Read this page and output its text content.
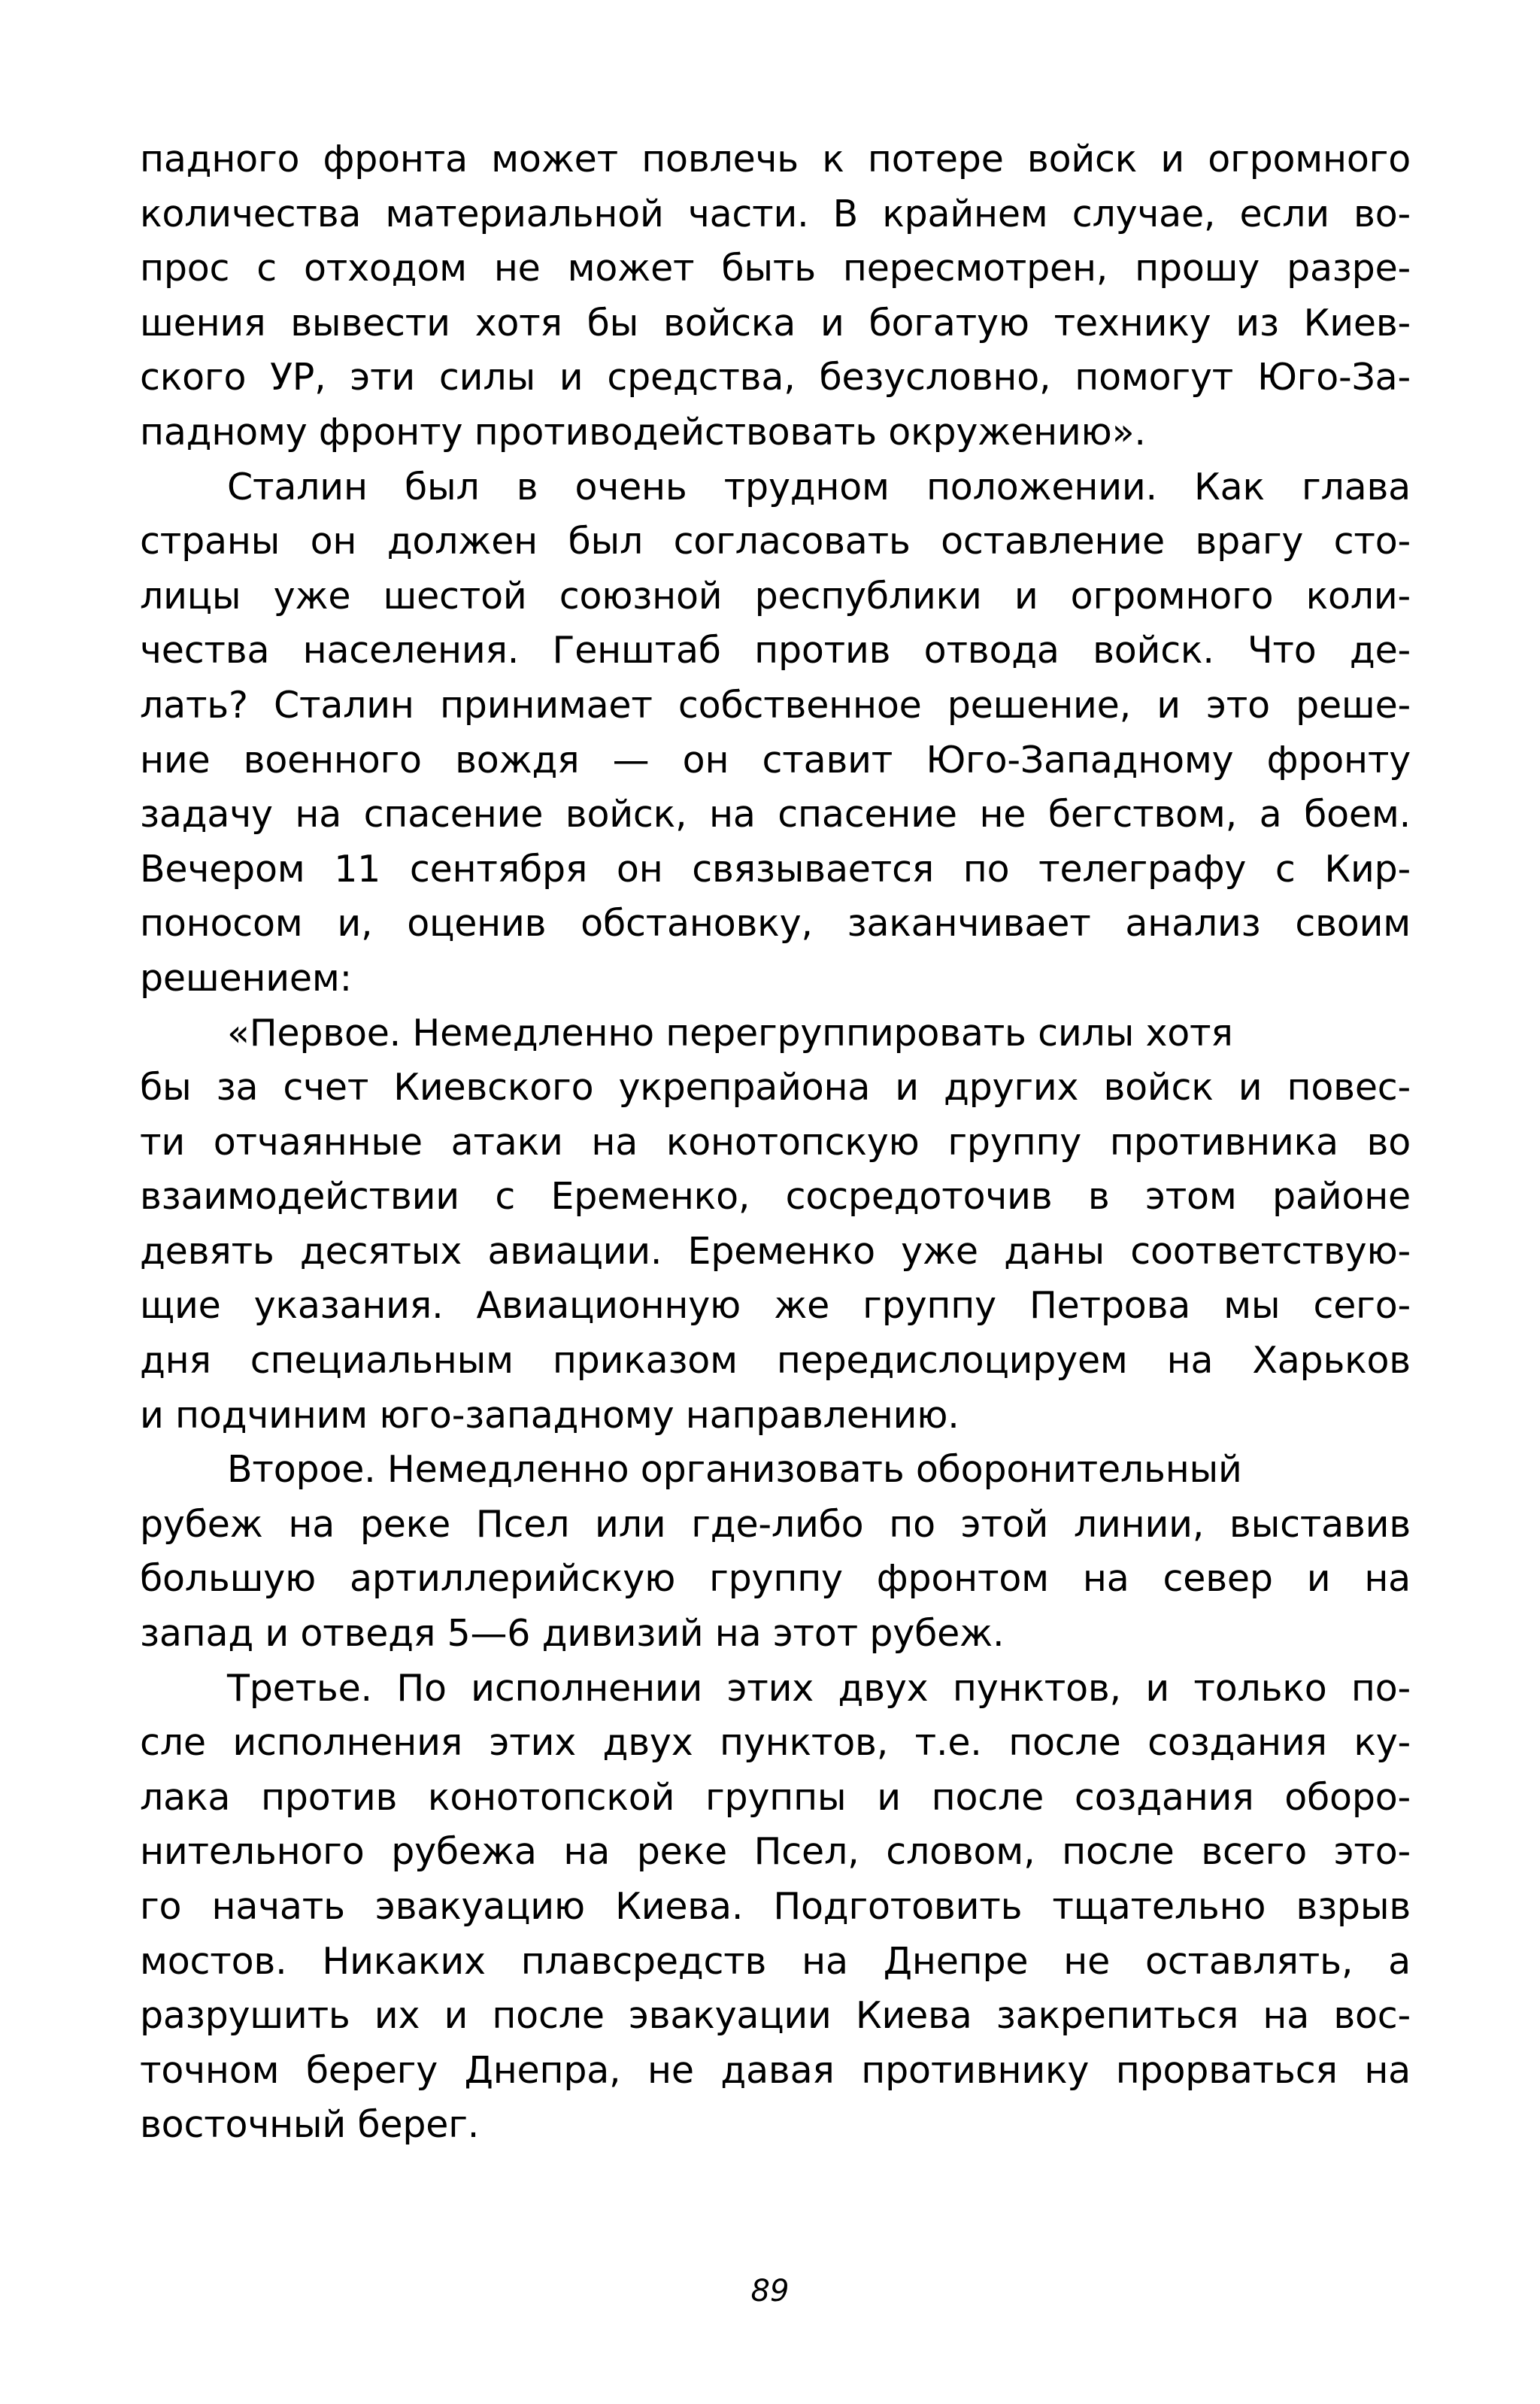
падного фронта может повлечь к потере войск и огромного
количества материальной части. В крайнем случае, если во-
прос с отходом не может быть пересмотрен, прошу разре-
шения вывести хотя бы войска и богатую технику из Киев-
ского УР, эти силы и средства, безусловно, помогут Юго-За-
падному фронту противодействовать окружению».
Сталин был в очень трудном положении. Как глава
страны он должен был согласовать оставление врагу сто-
лицы уже шестой союзной республики и огромного коли-
чества населения. Генштаб против отвода войск. Что де-
лать? Сталин принимает собственное решение, и это реше-
ние военного вождя — он ставит Юго-Западному фронту
задачу на спасение войск, на спасение не бегством, а боем.
Вечером 11 сентября он связывается по телеграфу с Кир-
поносом и, оценив обстановку, заканчивает анализ своим
решением:
«Первое. Немедленно перегруппировать силы хотя
бы за счет Киевского укрепрайона и других войск и повес-
ти отчаянные атаки на конотопскую группу противника во
взаимодействии с Еременко, сосредоточив в этом районе
девять десятых авиации. Еременко уже даны соответствую-
щие указания. Авиационную же группу Петрова мы сего-
дня специальным приказом передислоцируем на Харьков
и подчиним юго-западному направлению.
Второе. Немедленно организовать оборонительный
рубеж на реке Псел или где-либо по этой линии, выставив
большую артиллерийскую группу фронтом на север и на
запад и отведя 5—6 дивизий на этот рубеж.
Третье. По исполнении этих двух пунктов, и только по-
сле исполнения этих двух пунктов, т.е. после создания ку-
лака против конотопской группы и после создания оборо-
нительного рубежа на реке Псел, словом, после всего это-
го начать эвакуацию Киева. Подготовить тщательно взрыв
мостов. Никаких плавсредств на Днепре не оставлять, а
разрушить их и после эвакуации Киева закрепиться на вос-
точном берегу Днепра, не давая противнику прорваться на
восточный берег.
89
